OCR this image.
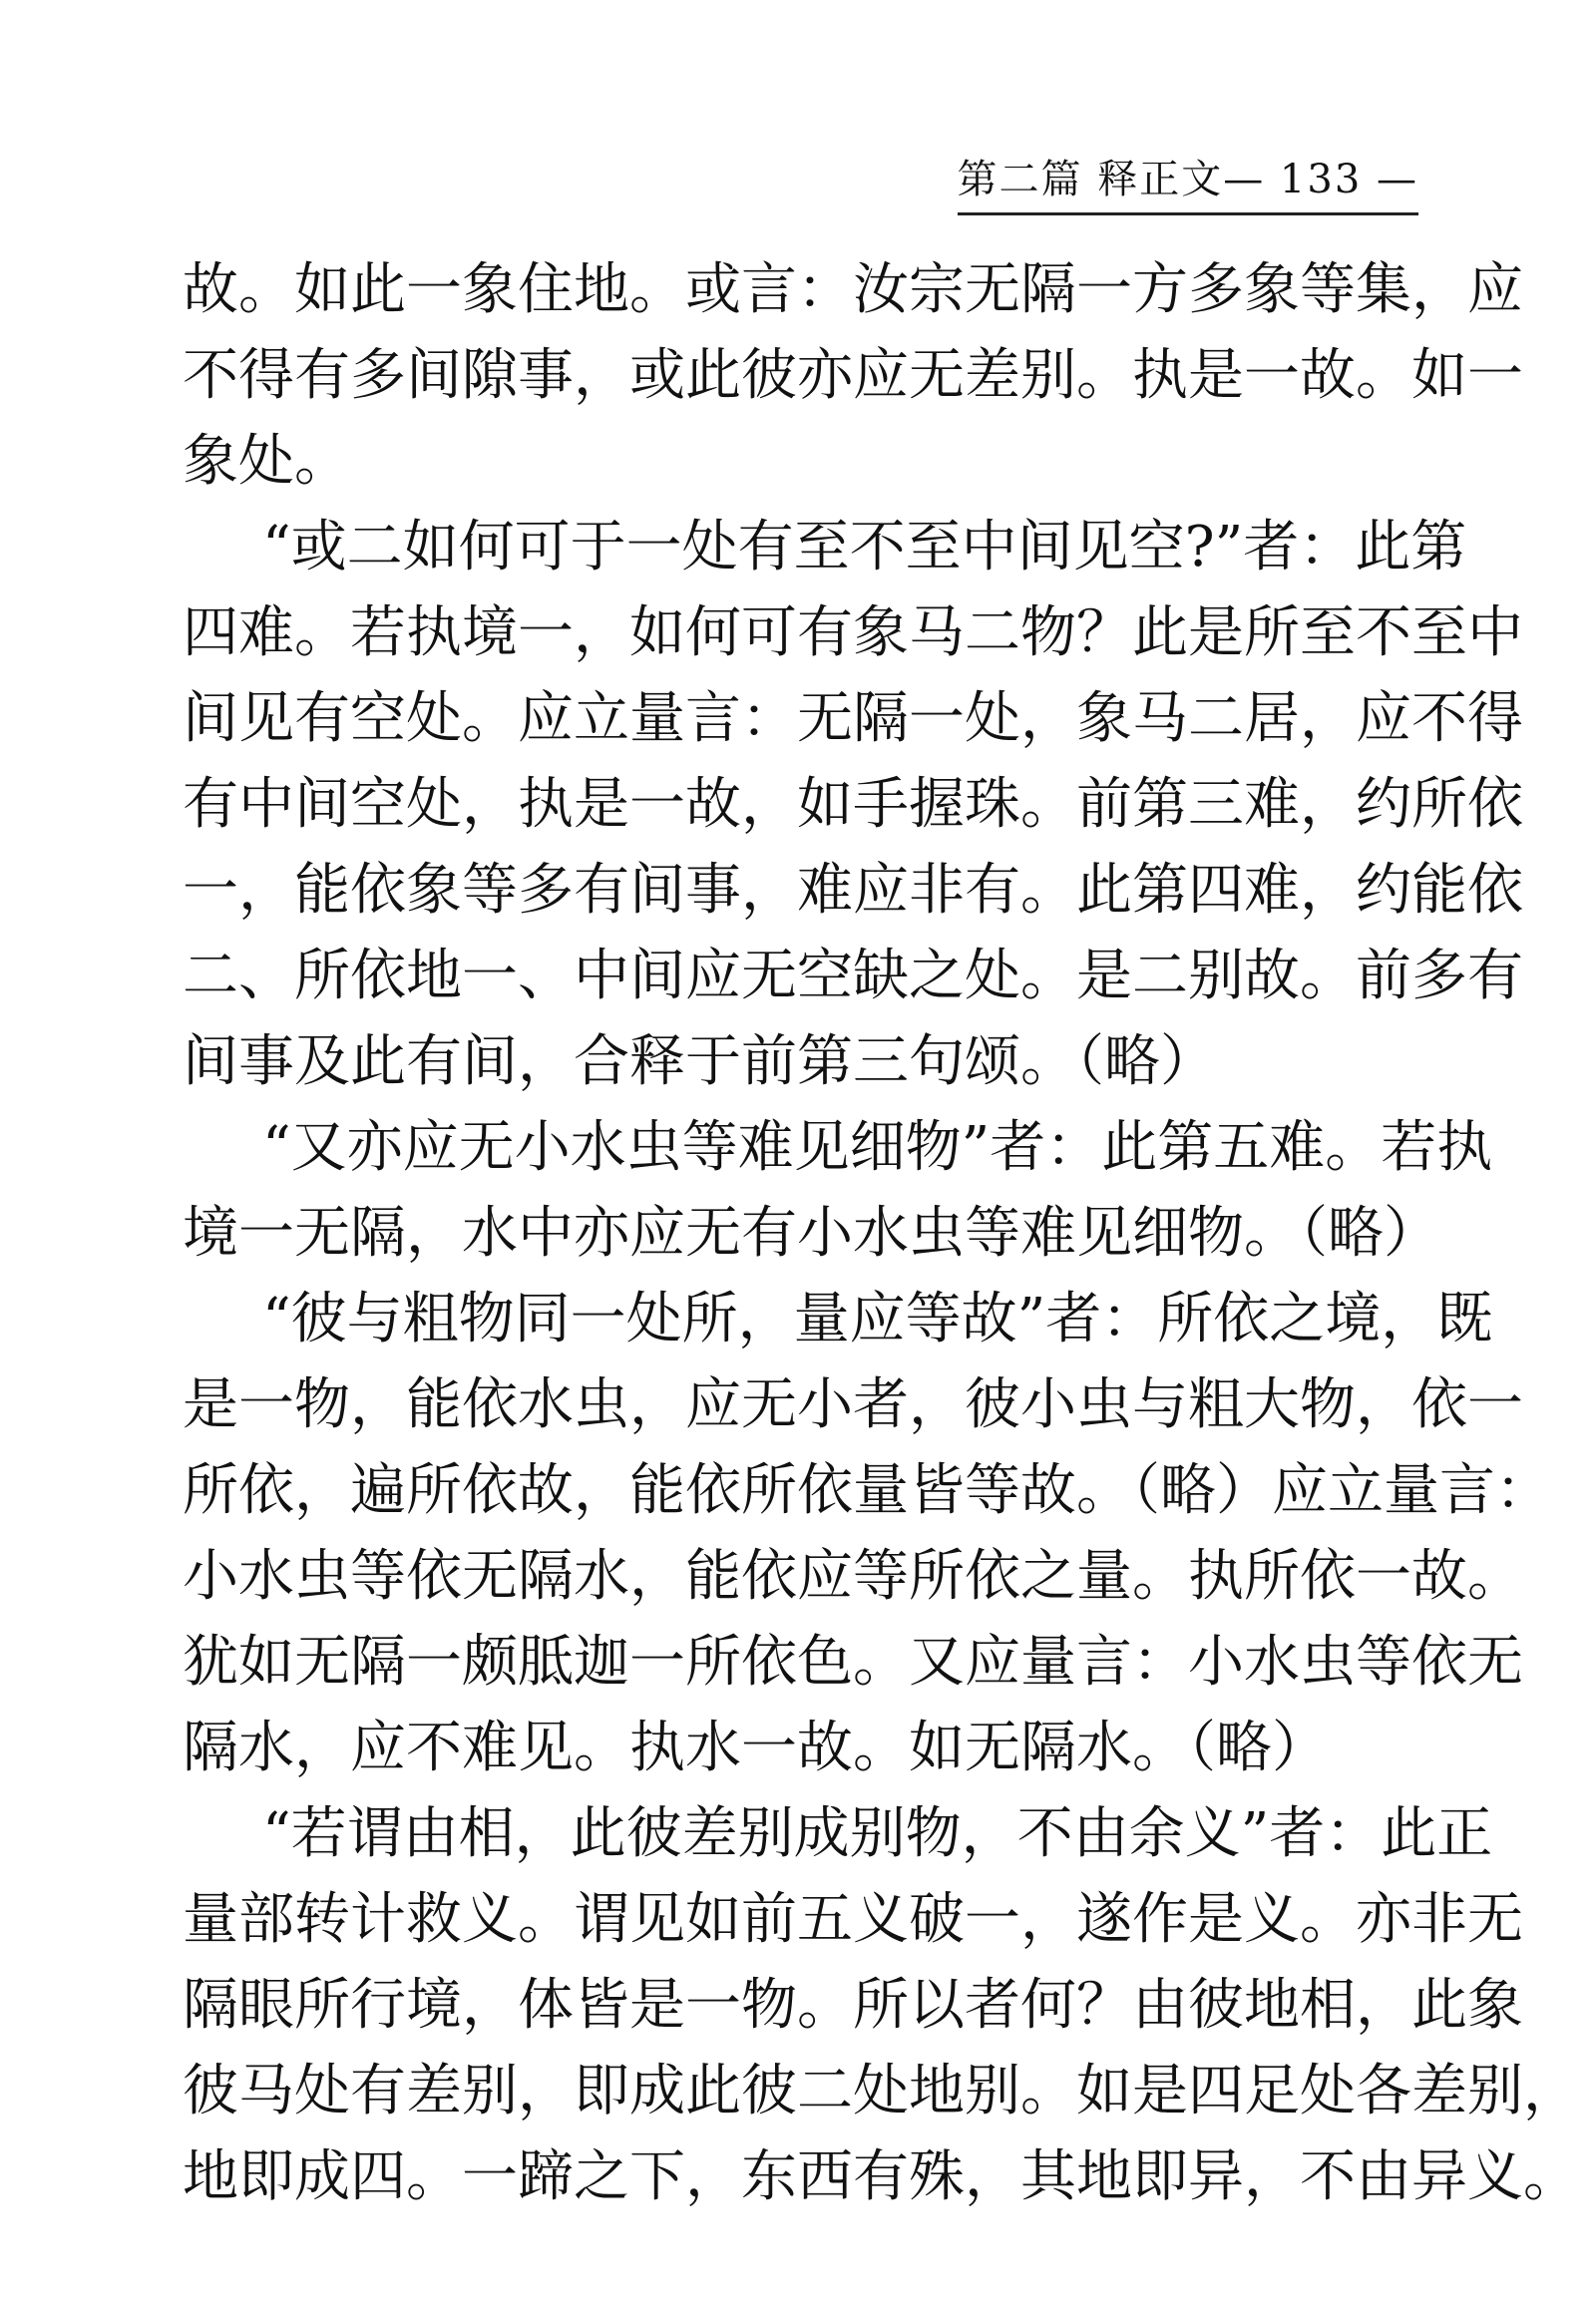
第二篇 释正文— 133 —
故。如此一象住地。或言：汝宗无隔一方多象等集，应
不得有多间隙事，或此彼亦应无差别。执是一故。如一
象处。
“或二如何可于一处有至不至中间见空?”者：此第
四难。若执境一，如何可有象马二物？此是所至不至中
间见有空处。应立量言：无隔一处，象马二居，应不得
有中间空处，执是一故，如手握珠。前第三难，约所依
一，能依象等多有间事，难应非有。此第四难，约能依
二、所依地一、中间应无空缺之处。是二别故。前多有
间事及此有间，合释于前第三句颂。（略）
“又亦应无小水虫等难见细物”者：此第五难。若执
境一无隔，水中亦应无有小水虫等难见细物。（略）
“彼与粗物同一处所，量应等故”者：所依之境，既
是一物，能依水虫，应无小者，彼小虫与粗大物，依一
所依，遍所依故，能依所依量皆等故。（略）应立量言：
小水虫等依无隔水，能依应等所依之量。执所依一故。
犹如无隔一颇胝迦一所依色。又应量言：小水虫等依无
隔水，应不难见。执水一故。如无隔水。（略）
“若谓由相，此彼差别成别物，不由余义”者：此正
量部转计救义。谓见如前五义破一，遂作是义。亦非无
隔眼所行境，体皆是一物。所以者何？由彼地相，此象
彼马处有差别，即成此彼二处地别。如是四足处各差别，
地即成四。一蹄之下，东西有殊，其地即异，不由异义。
